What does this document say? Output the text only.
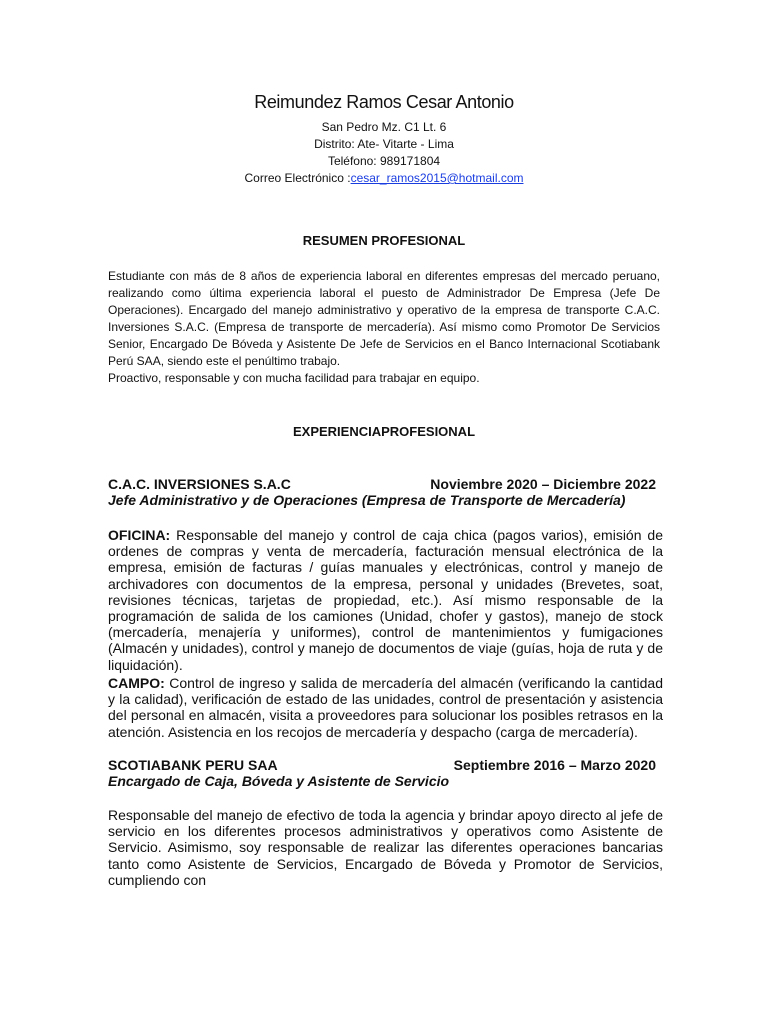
Reimundez Ramos Cesar Antonio
San Pedro Mz. C1 Lt. 6
Distrito: Ate- Vitarte - Lima
Teléfono: 989171804
Correo Electrónico :cesar_ramos2015@hotmail.com
RESUMEN PROFESIONAL

Estudiante con más de 8 años de experiencia laboral en diferentes empresas del mercado peruano, realizando como última experiencia laboral el puesto de Administrador De Empresa (Jefe De Operaciones). Encargado del manejo administrativo y operativo de la empresa de transporte C.A.C. Inversiones S.A.C. (Empresa de transporte de mercadería). Así mismo como Promotor De Servicios Senior, Encargado De Bóveda y Asistente De Jefe de Servicios en el Banco Internacional Scotiabank Perú SAA, siendo este el penúltimo trabajo.

Proactivo, responsable y con mucha facilidad para trabajar en equipo.

EXPERIENCIAPROFESIONAL
C.A.C. INVERSIONES S.A.C	Noviembre 2020 – Diciembre 2022
Jefe Administrativo y de Operaciones (Empresa de Transporte de Mercadería)

OFICINA: Responsable del manejo y control de caja chica (pagos varios), emisión de ordenes de compras y venta de mercadería, facturación mensual electrónica de la empresa, emisión de facturas / guías manuales y electrónicas, control y manejo de archivadores con documentos de la empresa, personal y unidades (Brevetes, soat, revisiones técnicas, tarjetas de propiedad, etc.). Así mismo responsable de la programación de salida de los camiones (Unidad, chofer y gastos), manejo de stock (mercadería, menajería y uniformes), control de mantenimientos y fumigaciones (Almacén y unidades), control y manejo de documentos de viaje (guías, hoja de ruta y de liquidación).

CAMPO: Control de ingreso y salida de mercadería del almacén (verificando la cantidad y la calidad), verificación de estado de las unidades, control de presentación y asistencia del personal en almacén, visita a proveedores para solucionar los posibles retrasos en la atención. Asistencia en los recojos de mercadería y despacho (carga de mercadería).

SCOTIABANK PERU SAA	Septiembre 2016 – Marzo 2020
Encargado de Caja, Bóveda y Asistente de Servicio

Responsable del manejo de efectivo de toda la agencia y brindar apoyo directo al jefe de servicio en los diferentes procesos administrativos y operativos como Asistente de Servicio. Asimismo, soy responsable de realizar las diferentes operaciones bancarias tanto como Asistente de Servicios, Encargado de Bóveda y Promotor de Servicios, cumpliendo con
